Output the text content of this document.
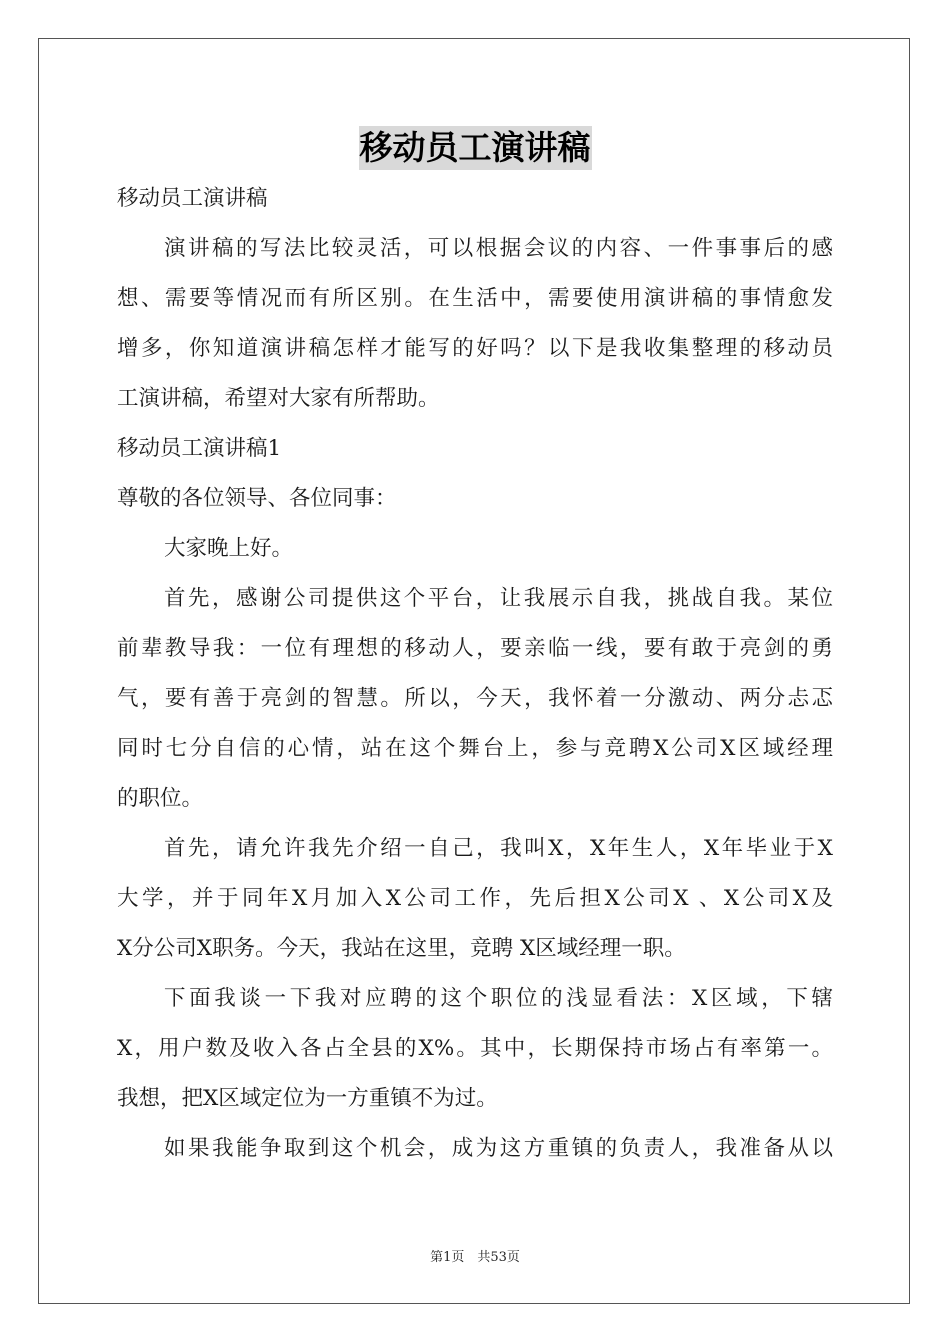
移动员工演讲稿

移动员工演讲稿

演讲稿的写法比较灵活，可以根据会议的内容、一件事事后的感

想、需要等情况而有所区别。在生活中，需要使用演讲稿的事情愈发
增多，你知道演讲稿怎样才能写的好吗？以下是我收集整理的移动员
工演讲稿，希望对大家有所帮助。

移动员工演讲稿1

尊敬的各位领导、各位同事：

大家晚上好。

首先，感谢公司提供这个平台，让我展示自我，挑战自我。某位

前辈教导我：一位有理想的移动人，要亲临一线，要有敢于亮剑的勇
气，要有善于亮剑的智慧。所以，今天，我怀着一分激动、两分忐忑
同时七分自信的心情，站在这个舞台上，参与竞聘X公司X区域经理
的职位。

首先，请允许我先介绍一自己，我叫X，X年生人，X年毕业于X

大学，并于同年X月加入X公司工作，先后担X公司X 、X公司X及
X分公司X职务。今天，我站在这里，竞聘 X区域经理一职。

下面我谈一下我对应聘的这个职位的浅显看法：X区域，下辖

X，用户数及收入各占全县的X%。其中，长期保持市场占有率第一。
我想，把X区域定位为一方重镇不为过。

如果我能争取到这个机会，成为这方重镇的负责人，我准备从以

第1页　共53页
